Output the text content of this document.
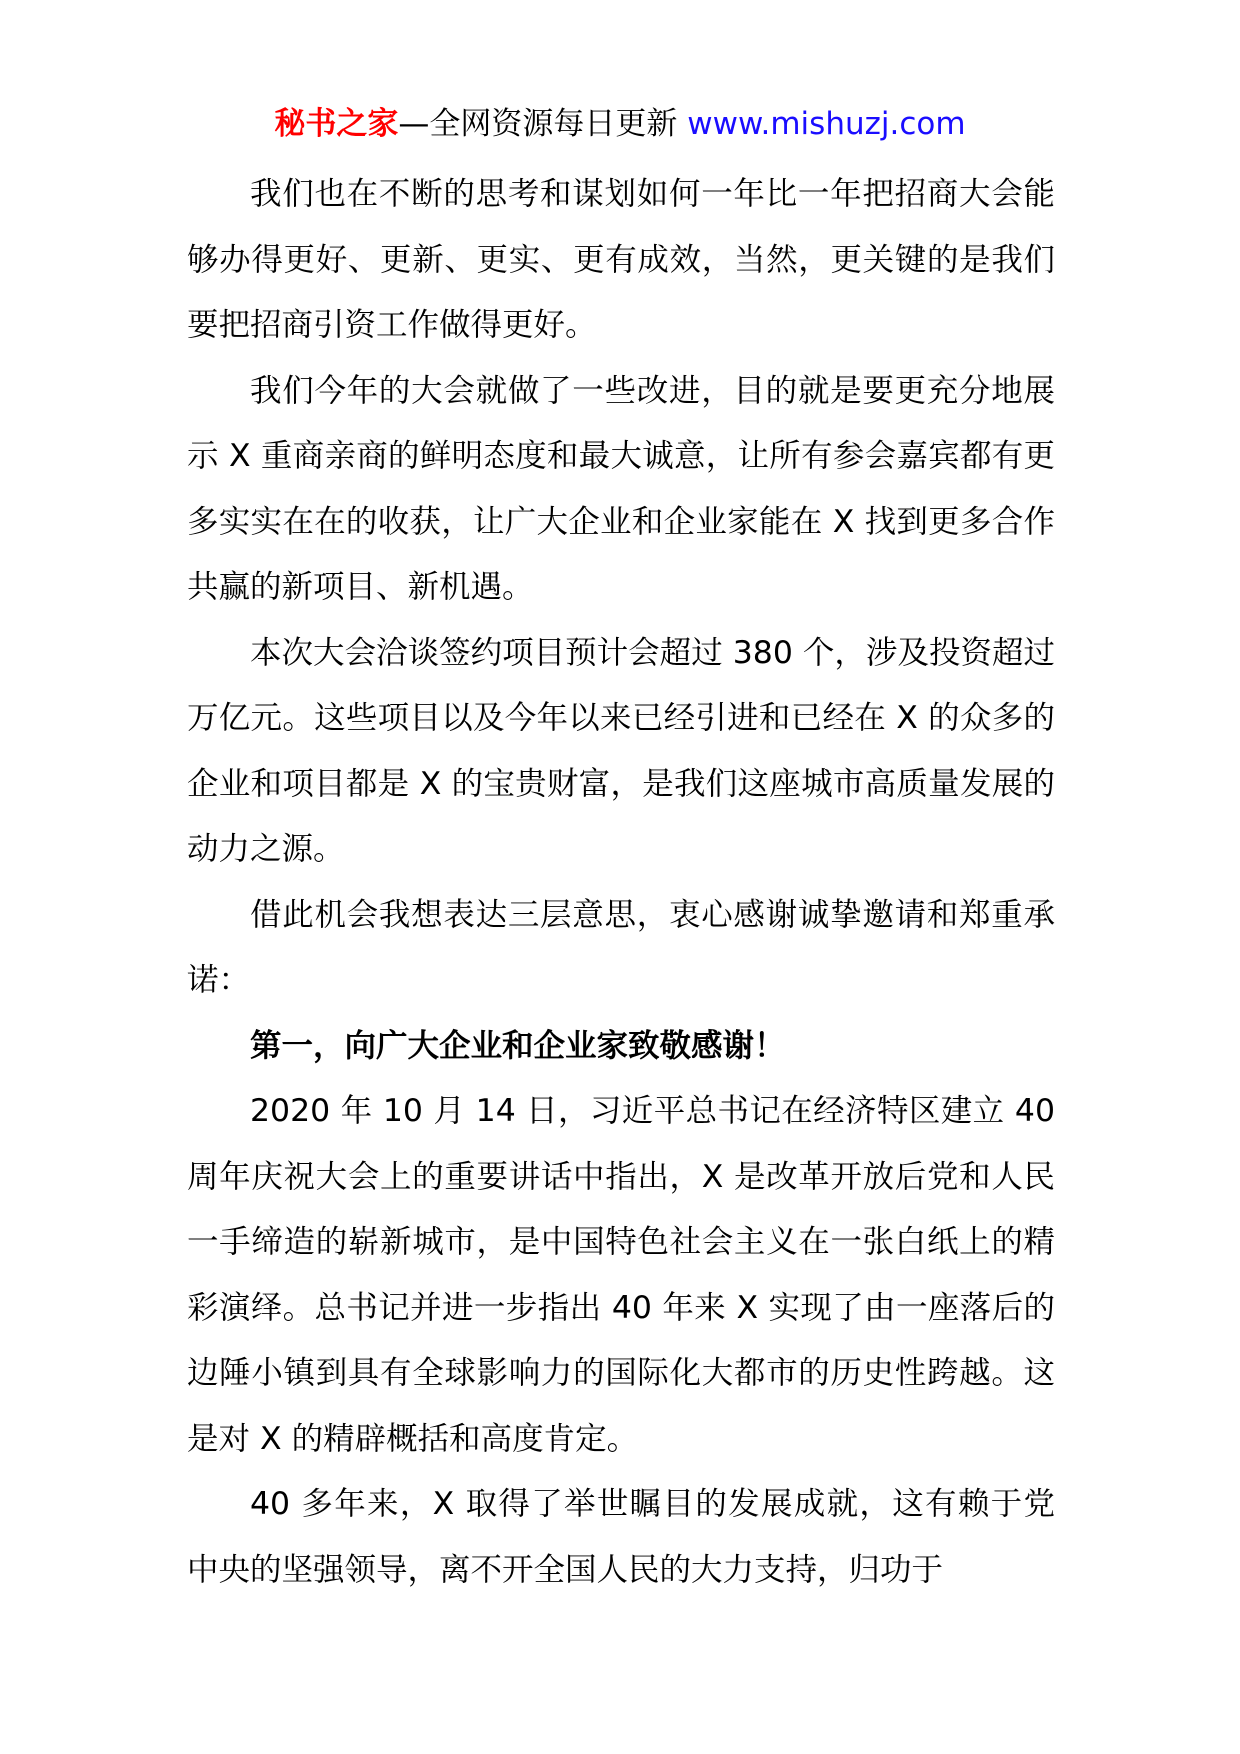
秘书之家—全网资源每日更新 www.mishuzj.com

我们也在不断的思考和谋划如何一年比一年把招商大会能够办得更好、更新、更实、更有成效，当然，更关键的是我们要把招商引资工作做得更好。

我们今年的大会就做了一些改进，目的就是要更充分地展示 X 重商亲商的鲜明态度和最大诚意，让所有参会嘉宾都有更多实实在在的收获，让广大企业和企业家能在 X 找到更多合作共赢的新项目、新机遇。

本次大会洽谈签约项目预计会超过 380 个，涉及投资超过万亿元。这些项目以及今年以来已经引进和已经在 X 的众多的企业和项目都是 X 的宝贵财富，是我们这座城市高质量发展的动力之源。

借此机会我想表达三层意思，衷心感谢诚挚邀请和郑重承诺：

第一，向广大企业和企业家致敬感谢！

2020 年 10 月 14 日，习近平总书记在经济特区建立 40 周年庆祝大会上的重要讲话中指出，X 是改革开放后党和人民一手缔造的崭新城市，是中国特色社会主义在一张白纸上的精彩演绎。总书记并进一步指出 40 年来 X 实现了由一座落后的边陲小镇到具有全球影响力的国际化大都市的历史性跨越。这是对 X 的精辟概括和高度肯定。

40 多年来，X 取得了举世瞩目的发展成就，这有赖于党中央的坚强领导，离不开全国人民的大力支持，归功于
